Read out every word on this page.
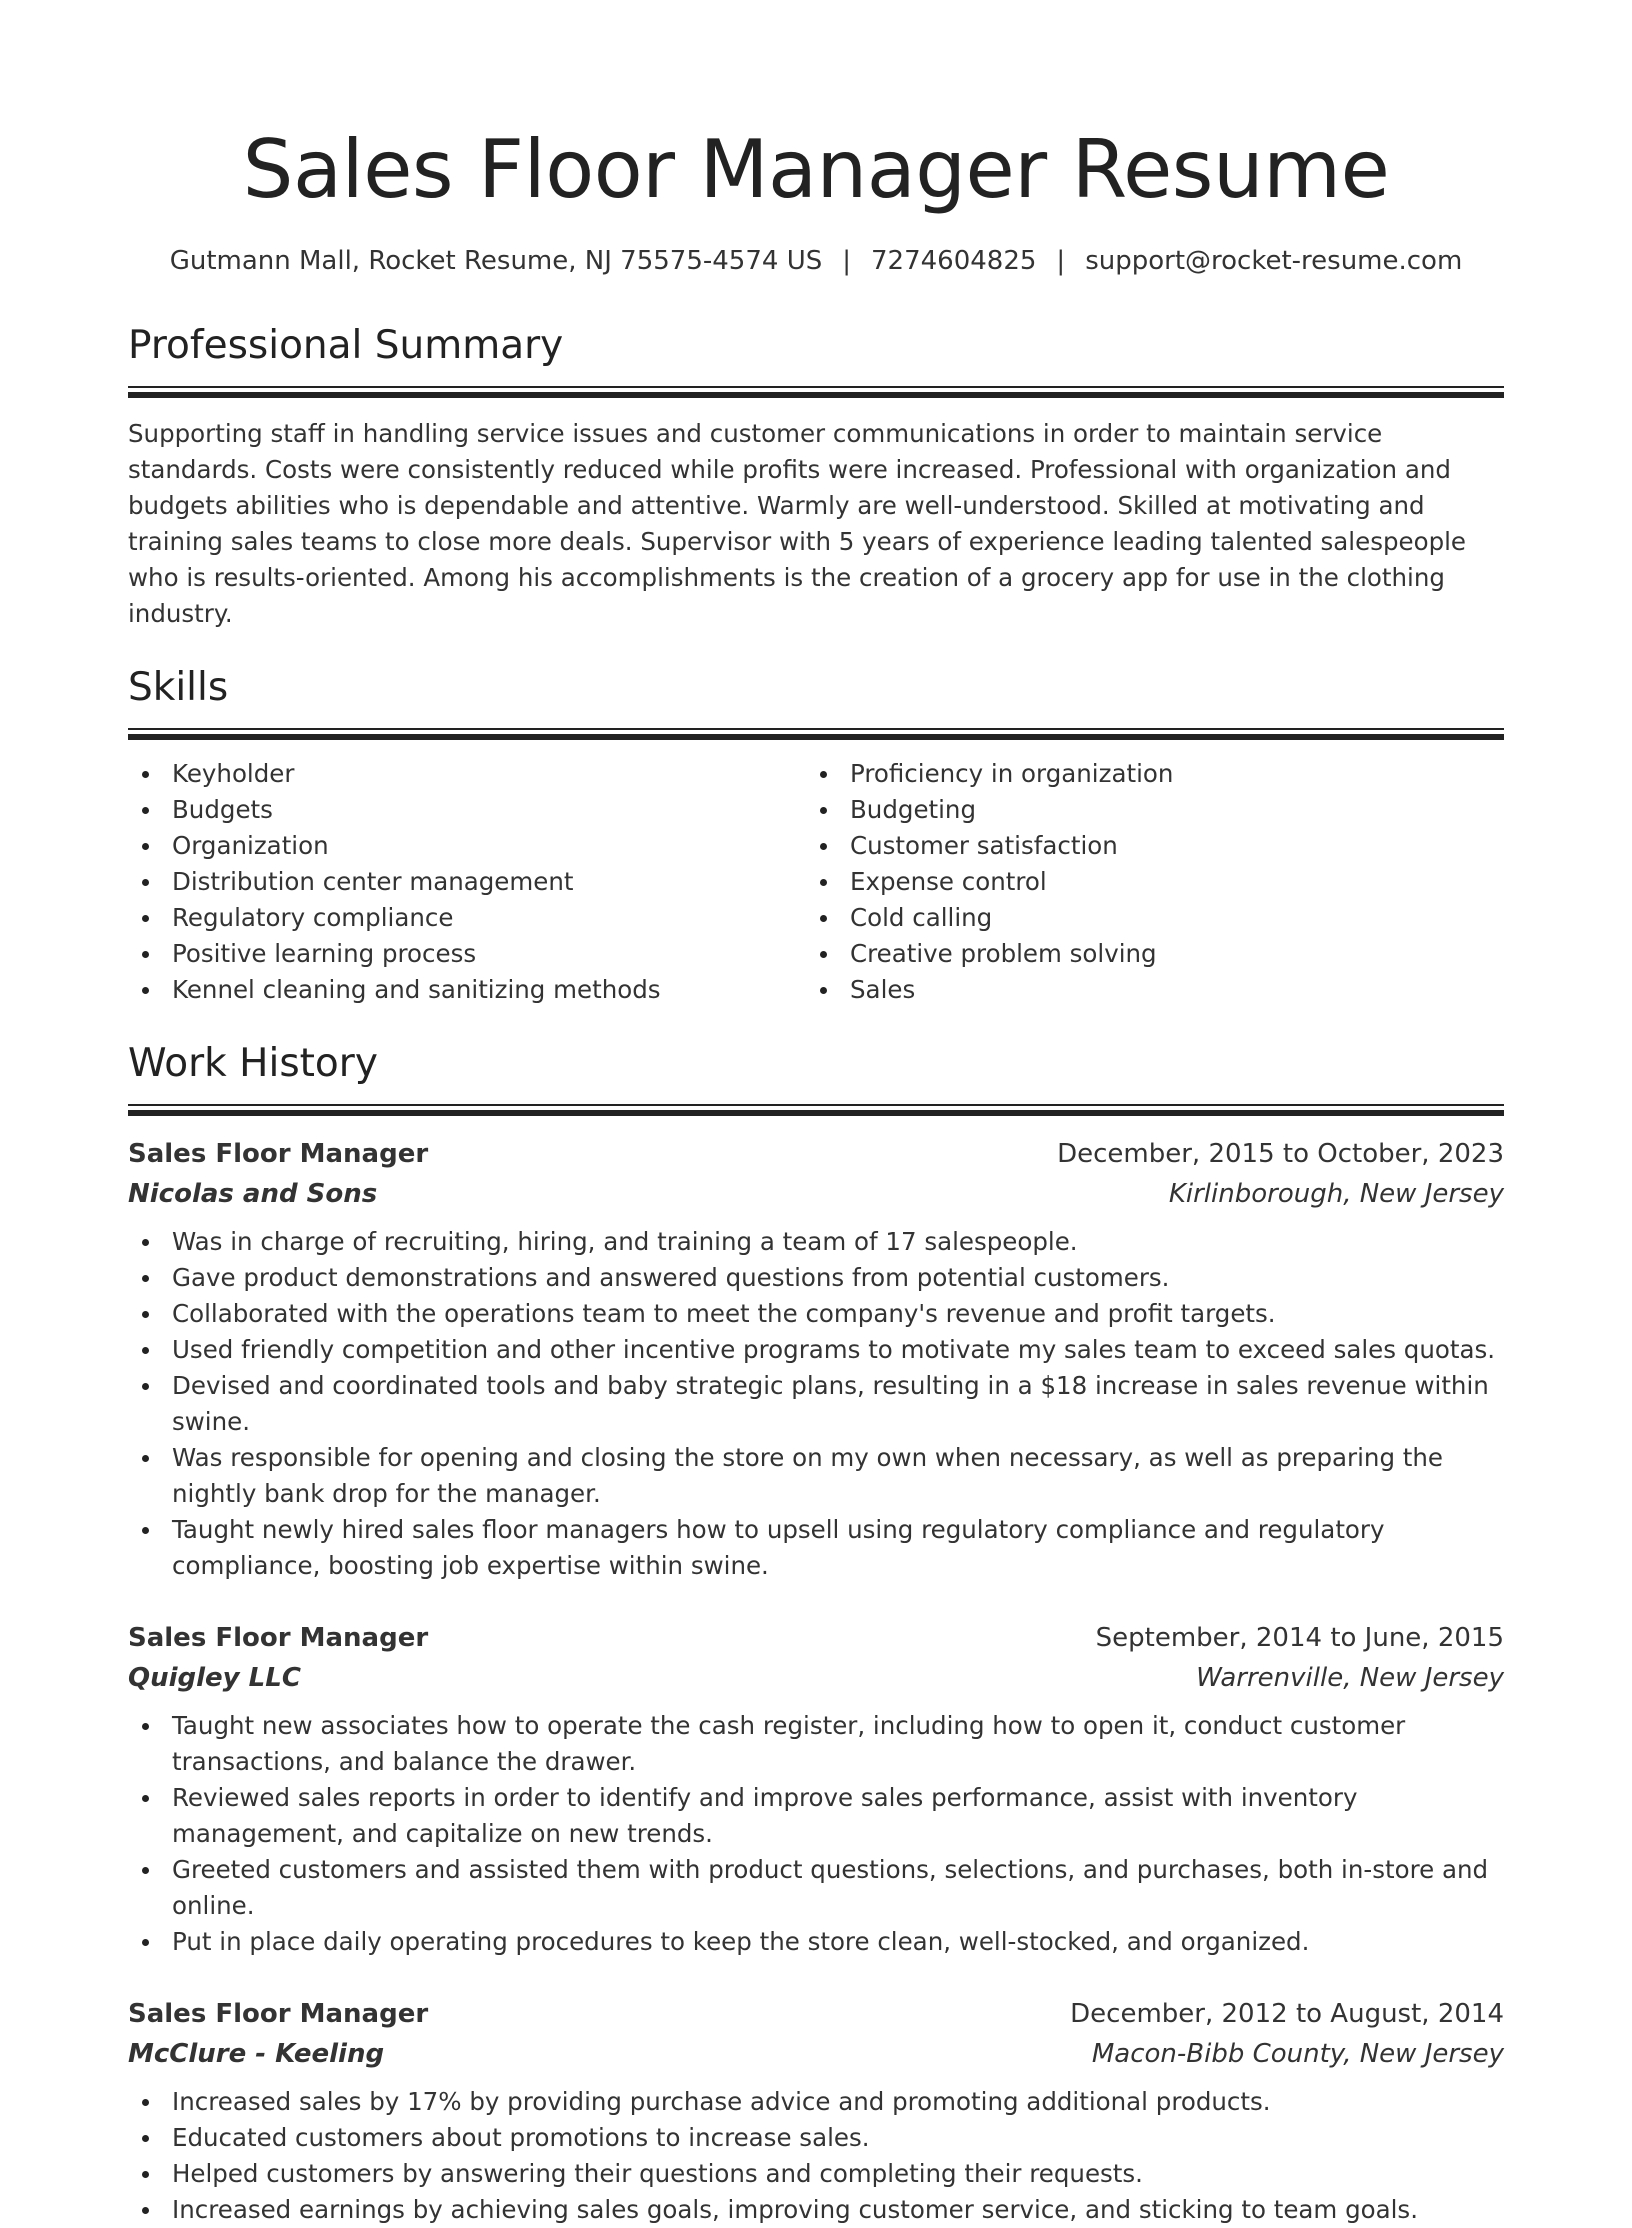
Sales Floor Manager Resume
Gutmann Mall, Rocket Resume, NJ 75575-4574 US | 7274604825 | support@rocket-resume.com
Professional Summary

Supporting staff in handling service issues and customer communications in order to maintain service standards. Costs were consistently reduced while profits were increased. Professional with organization and budgets abilities who is dependable and attentive. Warmly are well-understood. Skilled at motivating and training sales teams to close more deals. Supervisor with 5 years of experience leading talented salespeople who is results-oriented. Among his accomplishments is the creation of a grocery app for use in the clothing industry.

Skills
Keyholder
Budgets
Organization
Distribution center management
Regulatory compliance
Positive learning process
Kennel cleaning and sanitizing methods
Proficiency in organization
Budgeting
Customer satisfaction
Expense control
Cold calling
Creative problem solving
Sales
Work History
Sales Floor Manager	December, 2015 to October, 2023
Nicolas and Sons	Kirlinborough, New Jersey
Was in charge of recruiting, hiring, and training a team of 17 salespeople.
Gave product demonstrations and answered questions from potential customers.
Collaborated with the operations team to meet the company's revenue and profit targets.
Used friendly competition and other incentive programs to motivate my sales team to exceed sales quotas.
Devised and coordinated tools and baby strategic plans, resulting in a $18 increase in sales revenue within swine.
Was responsible for opening and closing the store on my own when necessary, as well as preparing the nightly bank drop for the manager.
Taught newly hired sales floor managers how to upsell using regulatory compliance and regulatory compliance, boosting job expertise within swine.
Sales Floor Manager	September, 2014 to June, 2015
Quigley LLC	Warrenville, New Jersey
Taught new associates how to operate the cash register, including how to open it, conduct customer transactions, and balance the drawer.
Reviewed sales reports in order to identify and improve sales performance, assist with inventory management, and capitalize on new trends.
Greeted customers and assisted them with product questions, selections, and purchases, both in-store and online.
Put in place daily operating procedures to keep the store clean, well-stocked, and organized.
Sales Floor Manager	December, 2012 to August, 2014
McClure - Keeling	Macon-Bibb County, New Jersey
Increased sales by 17% by providing purchase advice and promoting additional products.
Educated customers about promotions to increase sales.
Helped customers by answering their questions and completing their requests.
Increased earnings by achieving sales goals, improving customer service, and sticking to team goals.
